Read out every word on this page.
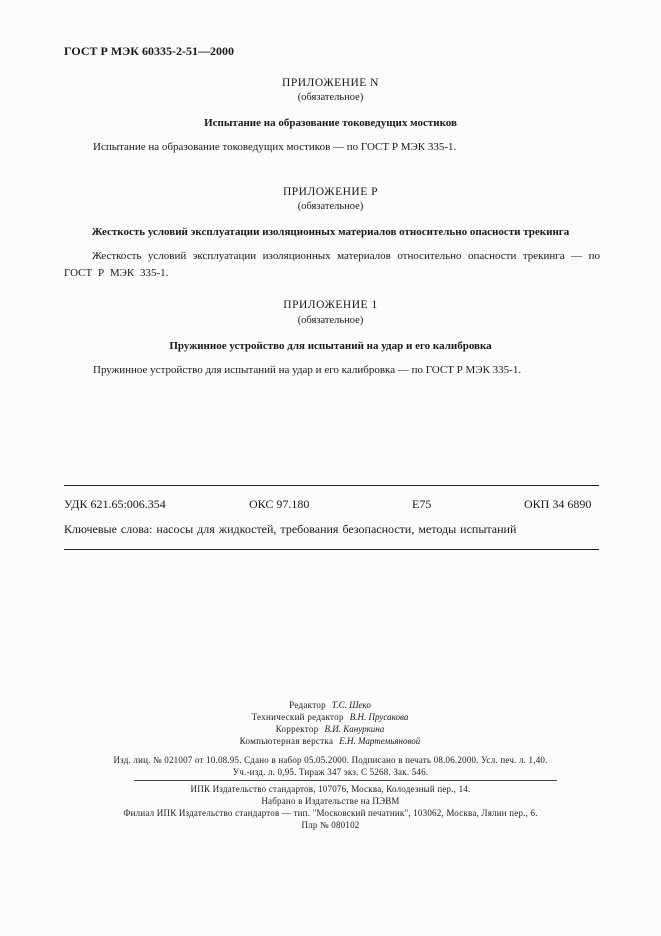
ГОСТ Р МЭК 60335-2-51—2000
ПРИЛОЖЕНИЕ N
(обязательное)
Испытание на образование токоведущих мостиков
Испытание на образование токоведущих мостиков — по ГОСТ Р МЭК 335-1.
ПРИЛОЖЕНИЕ P
(обязательное)
Жесткость условий эксплуатации изоляционных материалов относительно опасности трекинга
Жесткость условий эксплуатации изоляционных материалов относительно опасности трекинга — по ГОСТ Р МЭК 335-1.
ПРИЛОЖЕНИЕ 1
(обязательное)
Пружинное устройство для испытаний на удар и его калибровка
Пружинное устройство для испытаний на удар и его калибровка — по ГОСТ Р МЭК 335-1.
УДК 621.65:006.354	ОКС 97.180	Е75	ОКП 34 6890
Ключевые слова: насосы для жидкостей, требования безопасности, методы испытаний
Редактор Т.С. Шеко
Технический редактор В.Н. Прусакова
Корректор В.И. Кануркина
Компьютерная верстка Е.Н. Мартемьяновой
Изд. лиц. № 021007 от 10.08.95. Сдано в набор 05.05.2000. Подписано в печать 08.06.2000. Усл. печ. л. 1,40.
Уч.-изд. л. 0,95. Тираж 347 экз. С 5268. Зак. 546.
ИПК Издательство стандартов, 107076, Москва, Колодезный пер., 14.
Набрано в Издательстве на ПЭВМ
Филиал ИПК Издательство стандартов — тип. "Московский печатник", 103062, Москва, Лялин пер., 6.
Плр № 080102
